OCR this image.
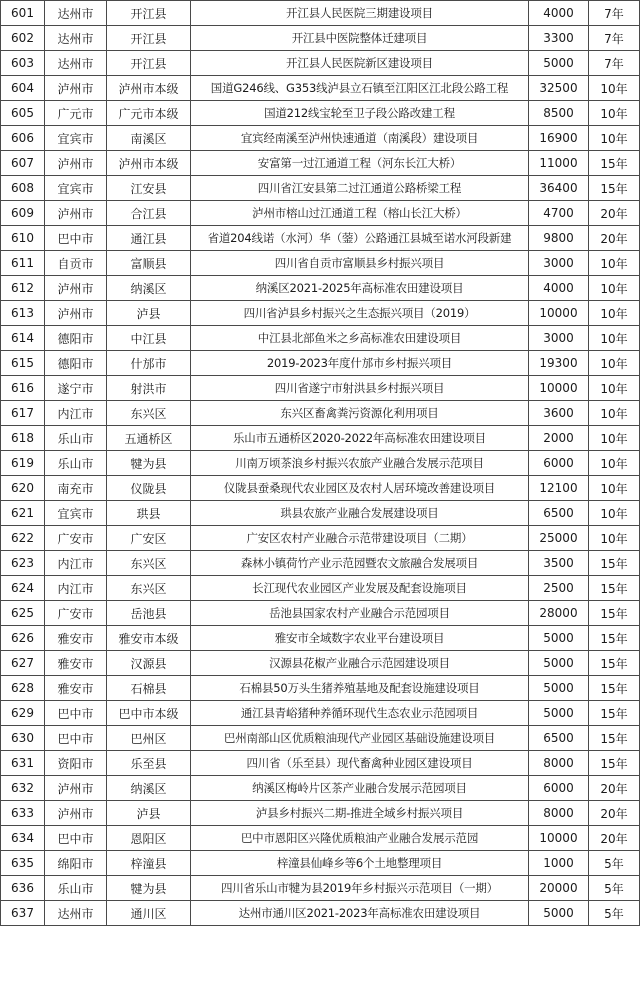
601	达州市	开江县	开江县人民医院三期建设项目	4000	7年
602	达州市	开江县	开江县中医院整体迁建项目	3300	7年
603	达州市	开江县	开江县人民医院新区建设项目	5000	7年
604	泸州市	泸州市本级	国道G246线、G353线泸县立石镇至江阳区江北段公路工程	32500	10年
605	广元市	广元市本级	国道212线宝轮至卫子段公路改建工程	8500	10年
606	宜宾市	南溪区	宜宾经南溪至泸州快速通道（南溪段）建设项目	16900	10年
607	泸州市	泸州市本级	安富第一过江通道工程（河东长江大桥）	11000	15年
608	宜宾市	江安县	四川省江安县第二过江通道公路桥梁工程	36400	15年
609	泸州市	合江县	泸州市榕山过江通道工程（榕山长江大桥）	4700	20年
610	巴中市	通江县	省道204线诺（水河）华（蓥）公路通江县城至诺水河段新建	9800	20年
611	自贡市	富顺县	四川省自贡市富顺县乡村振兴项目	3000	10年
612	泸州市	纳溪区	纳溪区2021-2025年高标准农田建设项目	4000	10年
613	泸州市	泸县	四川省泸县乡村振兴之生态振兴项目（2019）	10000	10年
614	德阳市	中江县	中江县北部鱼米之乡高标准农田建设项目	3000	10年
615	德阳市	什邡市	2019-2023年度什邡市乡村振兴项目	19300	10年
616	遂宁市	射洪市	四川省遂宁市射洪县乡村振兴项目	10000	10年
617	内江市	东兴区	东兴区畜禽粪污资源化利用项目	3600	10年
618	乐山市	五通桥区	乐山市五通桥区2020-2022年高标准农田建设项目	2000	10年
619	乐山市	犍为县	川南万顷茶浪乡村振兴农旅产业融合发展示范项目	6000	10年
620	南充市	仪陇县	仪陇县蚕桑现代农业园区及农村人居环境改善建设项目	12100	10年
621	宜宾市	珙县	珙县农旅产业融合发展建设项目	6500	10年
622	广安市	广安区	广安区农村产业融合示范带建设项目（二期）	25000	10年
623	内江市	东兴区	森林小镇荷竹产业示范园暨农文旅融合发展项目	3500	15年
624	内江市	东兴区	长江现代农业园区产业发展及配套设施项目	2500	15年
625	广安市	岳池县	岳池县国家农村产业融合示范园项目	28000	15年
626	雅安市	雅安市本级	雅安市全域数字农业平台建设项目	5000	15年
627	雅安市	汉源县	汉源县花椒产业融合示范园建设项目	5000	15年
628	雅安市	石棉县	石棉县50万头生猪养殖基地及配套设施建设项目	5000	15年
629	巴中市	巴中市本级	通江县青峪猪种养循环现代生态农业示范园项目	5000	15年
630	巴中市	巴州区	巴州南部山区优质粮油现代产业园区基础设施建设项目	6500	15年
631	资阳市	乐至县	四川省（乐至县）现代畜禽种业园区建设项目	8000	15年
632	泸州市	纳溪区	纳溪区梅岭片区茶产业融合发展示范园项目	6000	20年
633	泸州市	泸县	泸县乡村振兴二期-推进全域乡村振兴项目	8000	20年
634	巴中市	恩阳区	巴中市恩阳区兴隆优质粮油产业融合发展示范园	10000	20年
635	绵阳市	梓潼县	梓潼县仙峰乡等6个土地整理项目	1000	5年
636	乐山市	犍为县	四川省乐山市犍为县2019年乡村振兴示范项目（一期）	20000	5年
637	达州市	通川区	达州市通川区2021-2023年高标准农田建设项目	5000	5年
